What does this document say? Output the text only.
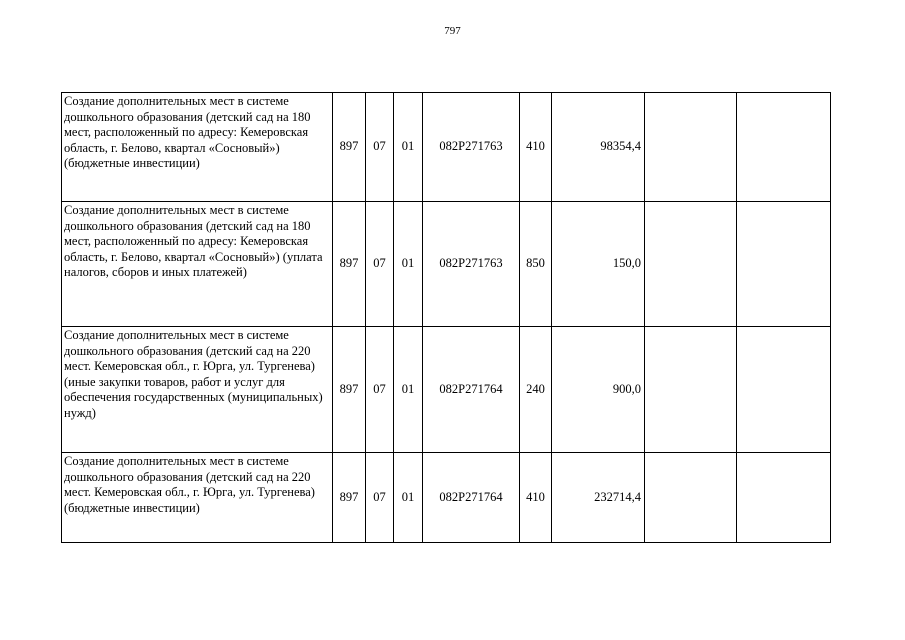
797
Создание дополнительных мест в системе дошкольного образования (детский сад на 180 мест, расположенный по адресу: Кемеровская область, г. Белово, квартал «Сосновый») (бюджетные инвестиции)	897	07	01	082P271763	410	98354,4		
Создание дополнительных мест в системе дошкольного образования (детский сад на 180 мест, расположенный по адресу: Кемеровская область, г. Белово, квартал «Сосновый») (уплата налогов, сборов и иных платежей)	897	07	01	082P271763	850	150,0		
Создание дополнительных мест в системе дошкольного образования (детский сад на 220 мест. Кемеровская обл., г. Юрга, ул. Тургенева) (иные закупки товаров, работ и услуг для обеспечения государственных (муниципальных) нужд)	897	07	01	082P271764	240	900,0		
Создание дополнительных мест в системе дошкольного образования (детский сад на 220 мест. Кемеровская обл., г. Юрга, ул. Тургенева) (бюджетные инвестиции)	897	07	01	082P271764	410	232714,4		
